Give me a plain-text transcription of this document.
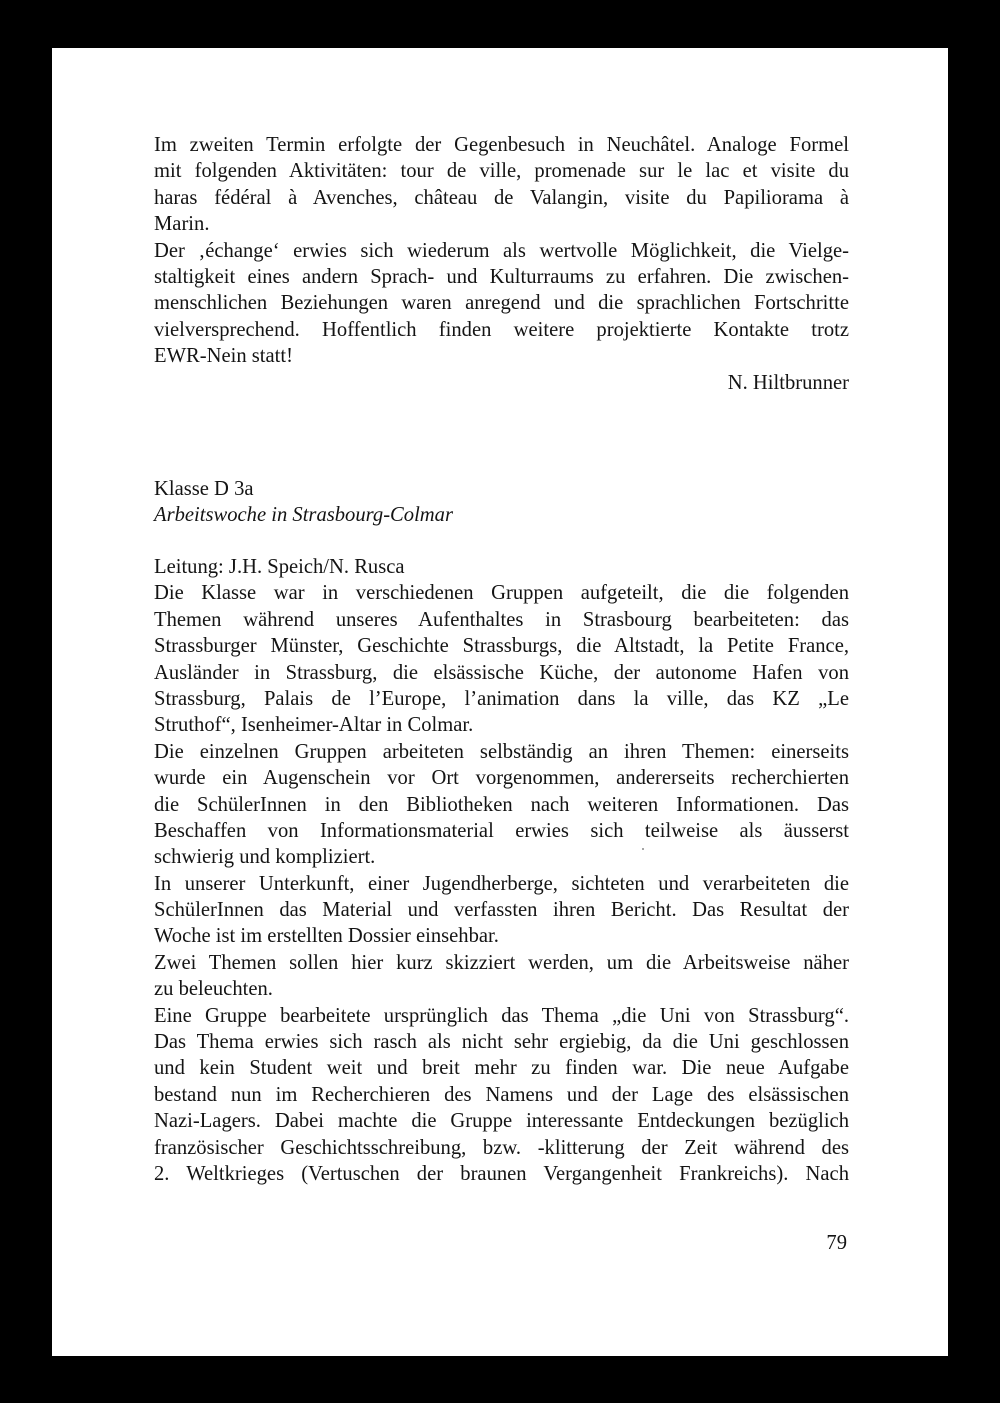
Im zweiten Termin erfolgte der Gegenbesuch in Neuchâtel. Analoge Formel
mit folgenden Aktivitäten: tour de ville, promenade sur le lac et visite du
haras fédéral à Avenches, château de Valangin, visite du Papiliorama à
Marin.
Der ‚échange‘ erwies sich wiederum als wertvolle Möglichkeit, die Vielge-
staltigkeit eines andern Sprach- und Kulturraums zu erfahren. Die zwischen-
menschlichen Beziehungen waren anregend und die sprachlichen Fortschritte
vielversprechend. Hoffentlich finden weitere projektierte Kontakte trotz
EWR-Nein statt!
N. Hiltbrunner
Klasse D 3a
Arbeitswoche in Strasbourg-Colmar
Leitung: J.H. Speich/N. Rusca
Die Klasse war in verschiedenen Gruppen aufgeteilt, die die folgenden
Themen während unseres Aufenthaltes in Strasbourg bearbeiteten: das
Strassburger Münster, Geschichte Strassburgs, die Altstadt, la Petite France,
Ausländer in Strassburg, die elsässische Küche, der autonome Hafen von
Strassburg, Palais de l’Europe, l’animation dans la ville, das KZ „Le
Struthof“, Isenheimer-Altar in Colmar.
Die einzelnen Gruppen arbeiteten selbständig an ihren Themen: einerseits
wurde ein Augenschein vor Ort vorgenommen, andererseits recherchierten
die SchülerInnen in den Bibliotheken nach weiteren Informationen. Das
Beschaffen von Informationsmaterial erwies sich teilweise als äusserst
schwierig und kompliziert.
In unserer Unterkunft, einer Jugendherberge, sichteten und verarbeiteten die
SchülerInnen das Material und verfassten ihren Bericht. Das Resultat der
Woche ist im erstellten Dossier einsehbar.
Zwei Themen sollen hier kurz skizziert werden, um die Arbeitsweise näher
zu beleuchten.
Eine Gruppe bearbeitete ursprünglich das Thema „die Uni von Strassburg“.
Das Thema erwies sich rasch als nicht sehr ergiebig, da die Uni geschlossen
und kein Student weit und breit mehr zu finden war. Die neue Aufgabe
bestand nun im Recherchieren des Namens und der Lage des elsässischen
Nazi-Lagers. Dabei machte die Gruppe interessante Entdeckungen bezüglich
französischer Geschichtsschreibung, bzw. -klitterung der Zeit während des
2. Weltkrieges (Vertuschen der braunen Vergangenheit Frankreichs). Nach
79
